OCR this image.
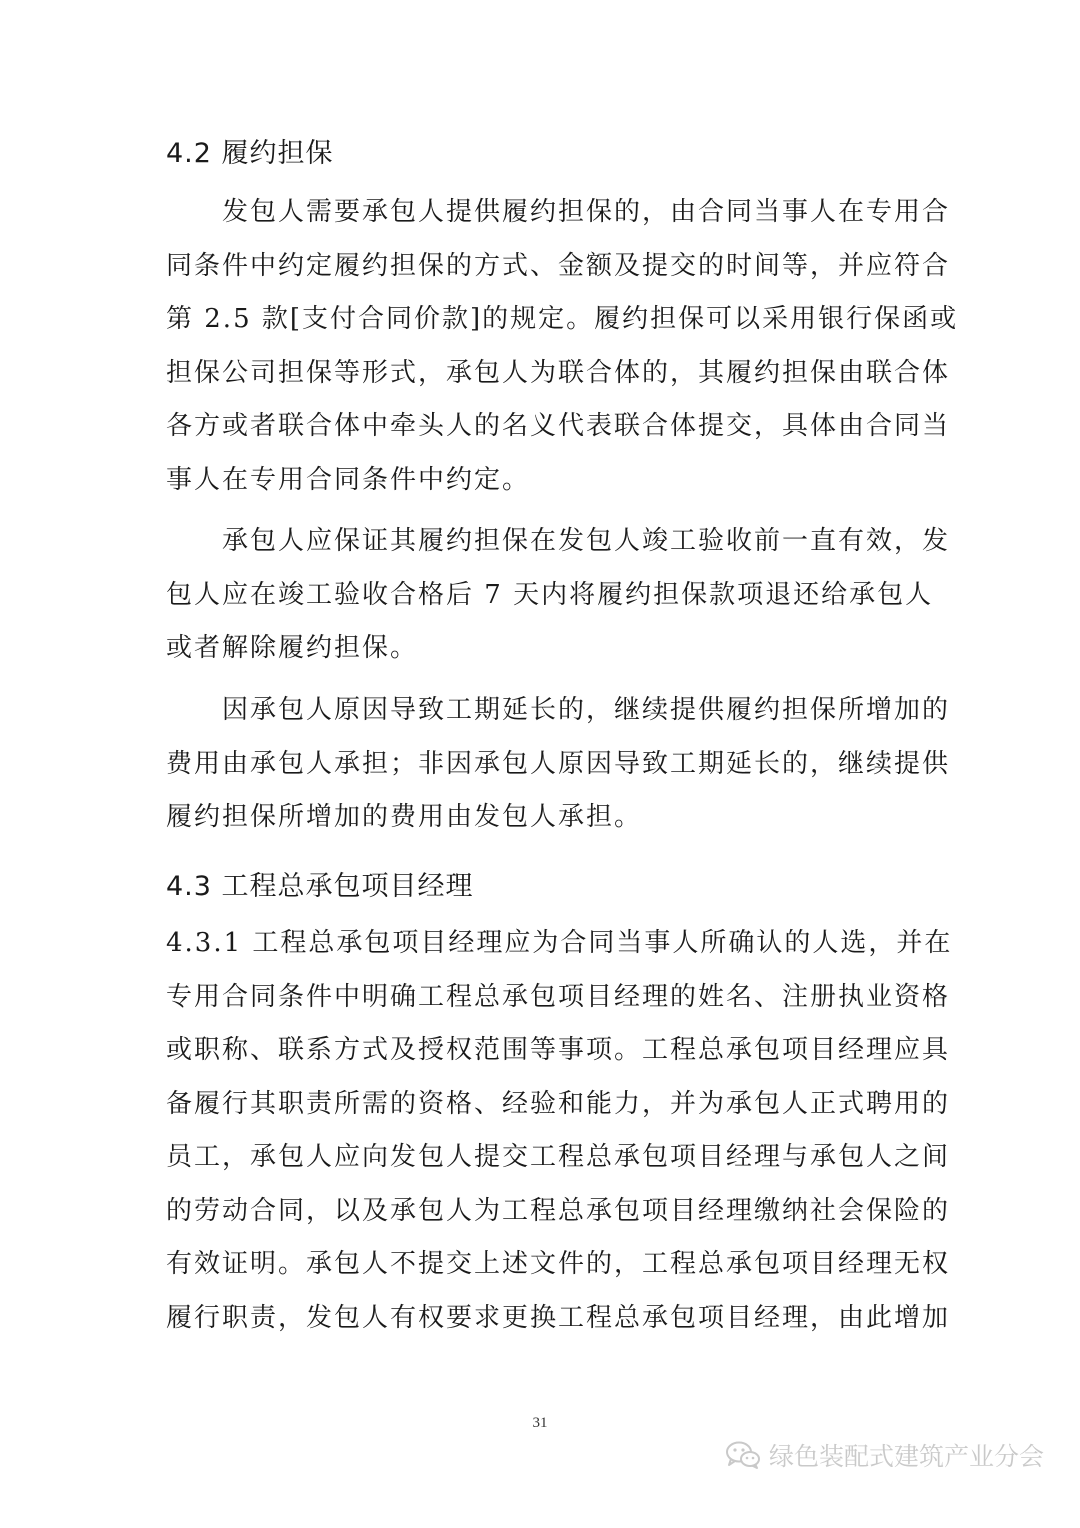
4.2 履约担保

发包人需要承包人提供履约担保的，由合同当事人在专用合
同条件中约定履约担保的方式、金额及提交的时间等，并应符合
第 2.5 款[支付合同价款]的规定。履约担保可以采用银行保函或
担保公司担保等形式，承包人为联合体的，其履约担保由联合体
各方或者联合体中牵头人的名义代表联合体提交，具体由合同当
事人在专用合同条件中约定。

承包人应保证其履约担保在发包人竣工验收前一直有效，发
包人应在竣工验收合格后 7 天内将履约担保款项退还给承包人
或者解除履约担保。

因承包人原因导致工期延长的，继续提供履约担保所增加的
费用由承包人承担；非因承包人原因导致工期延长的，继续提供
履约担保所增加的费用由发包人承担。

4.3 工程总承包项目经理

4.3.1 工程总承包项目经理应为合同当事人所确认的人选，并在
专用合同条件中明确工程总承包项目经理的姓名、注册执业资格
或职称、联系方式及授权范围等事项。工程总承包项目经理应具
备履行其职责所需的资格、经验和能力，并为承包人正式聘用的
员工，承包人应向发包人提交工程总承包项目经理与承包人之间
的劳动合同，以及承包人为工程总承包项目经理缴纳社会保险的
有效证明。承包人不提交上述文件的，工程总承包项目经理无权
履行职责，发包人有权要求更换工程总承包项目经理，由此增加

31
绿色装配式建筑产业分会
